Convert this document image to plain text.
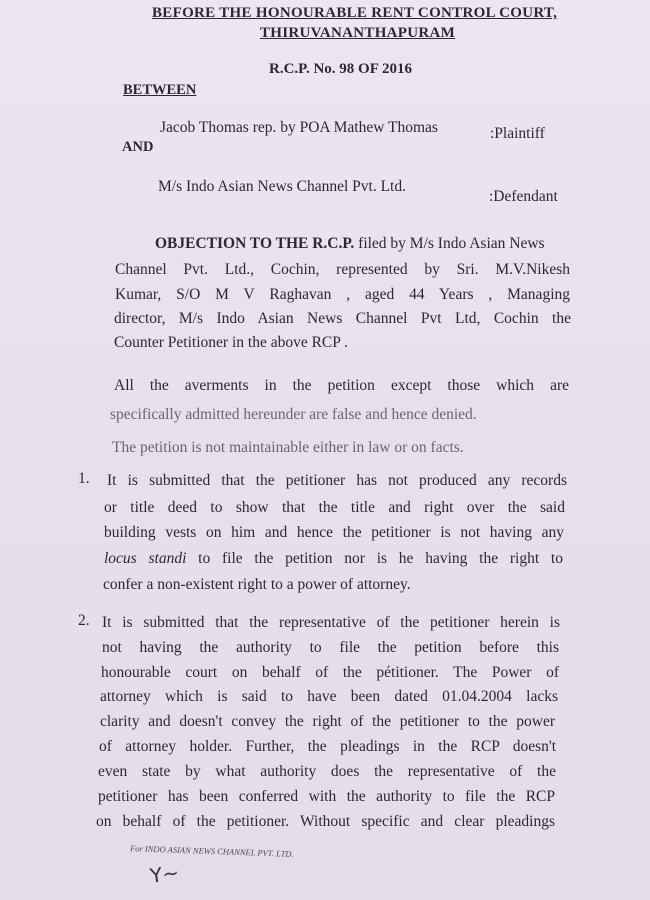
BEFORE THE HONOURABLE RENT CONTROL COURT,
THIRUVANANTHAPURAM
R.C.P. No. 98 OF 2016
BETWEEN
Jacob Thomas rep. by POA Mathew Thomas	:Plaintiff
AND
M/s Indo Asian News Channel Pvt. Ltd.
:Defendant
OBJECTION TO THE R.C.P. filed by M/s Indo Asian News
Channel Pvt. Ltd., Cochin, represented by Sri. M.V.Nikesh
Kumar, S/O M V Raghavan , aged 44 Years , Managing
director, M/s Indo Asian News Channel Pvt Ltd, Cochin the
Counter Petitioner in the above RCP .
All the averments in the petition except those which are
specifically admitted hereunder are false and hence denied.
The petition is not maintainable either in law or on facts.
1. It is submitted that the petitioner has not produced any records
or title deed to show that the title and right over the said
building vests on him and hence the petitioner is not having any
locus standi to file the petition nor is he having the right to
confer a non-existent right to a power of attorney.
2. It is submitted that the representative of the petitioner herein is
not having the authority to file the petition before this
honourable court on behalf of the pétitioner. The Power of
attorney which is said to have been dated 01.04.2004 lacks
clarity and doesn't convey the right of the petitioner to the power
of attorney holder. Further, the pleadings in the RCP doesn't
even state by what authority does the representative of the
petitioner has been conferred with the authority to file the RCP
on behalf of the petitioner. Without specific and clear pleadings
For INDO ASIAN NEWS CHANNEL PVT. LTD.
Y~
